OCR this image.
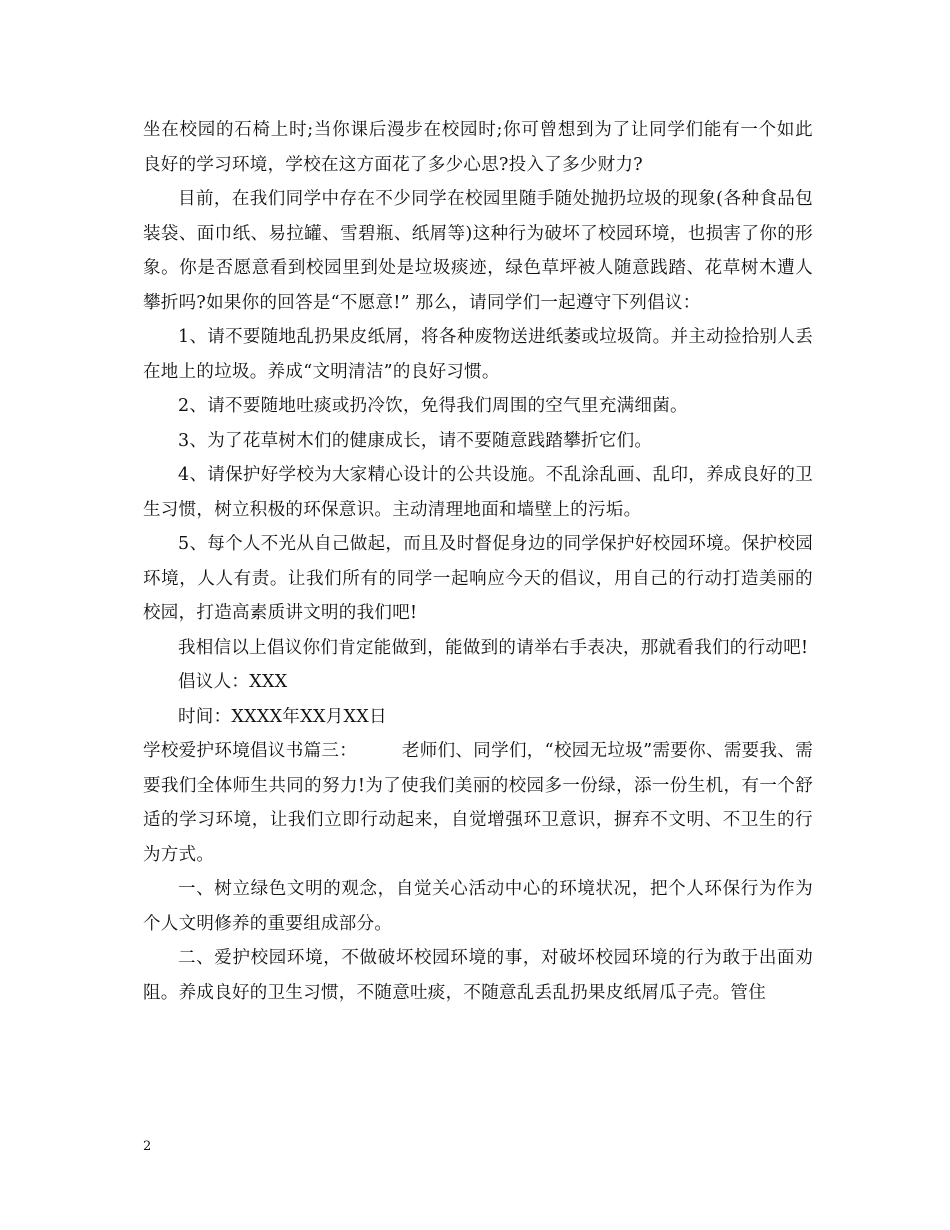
坐在校园的石椅上时;当你课后漫步在校园时;你可曾想到为了让同学们能有一个如此良好的学习环境，学校在这方面花了多少心思?投入了多少财力?

目前，在我们同学中存在不少同学在校园里随手随处抛扔垃圾的现象(各种食品包装袋、面巾纸、易拉罐、雪碧瓶、纸屑等)这种行为破坏了校园环境，也损害了你的形象。你是否愿意看到校园里到处是垃圾痰迹，绿色草坪被人随意践踏、花草树木遭人攀折吗?如果你的回答是“不愿意!” 那么，请同学们一起遵守下列倡议：

1、请不要随地乱扔果皮纸屑，将各种废物送进纸萎或垃圾筒。并主动捡拾别人丢在地上的垃圾。养成“文明清洁”的良好习惯。

2、请不要随地吐痰或扔冷饮，免得我们周围的空气里充满细菌。

3、为了花草树木们的健康成长，请不要随意践踏攀折它们。

4、请保护好学校为大家精心设计的公共设施。不乱涂乱画、乱印，养成良好的卫生习惯，树立积极的环保意识。主动清理地面和墙壁上的污垢。

5、每个人不光从自己做起，而且及时督促身边的同学保护好校园环境。保护校园环境，人人有责。让我们所有的同学一起响应今天的倡议，用自己的行动打造美丽的校园，打造高素质讲文明的我们吧!

我相信以上倡议你们肯定能做到，能做到的请举右手表决，那就看我们的行动吧!

倡议人：XXX

时间：XXXX年XX月XX日

学校爱护环境倡议书篇三：　　　老师们、同学们，“校园无垃圾”需要你、需要我、需要我们全体师生共同的努力!为了使我们美丽的校园多一份绿，添一份生机，有一个舒适的学习环境，让我们立即行动起来，自觉增强环卫意识，摒弃不文明、不卫生的行为方式。

一、树立绿色文明的观念，自觉关心活动中心的环境状况，把个人环保行为作为个人文明修养的重要组成部分。

二、爱护校园环境，不做破坏校园环境的事，对破坏校园环境的行为敢于出面劝阻。养成良好的卫生习惯，不随意吐痰，不随意乱丢乱扔果皮纸屑瓜子壳。管住

2
